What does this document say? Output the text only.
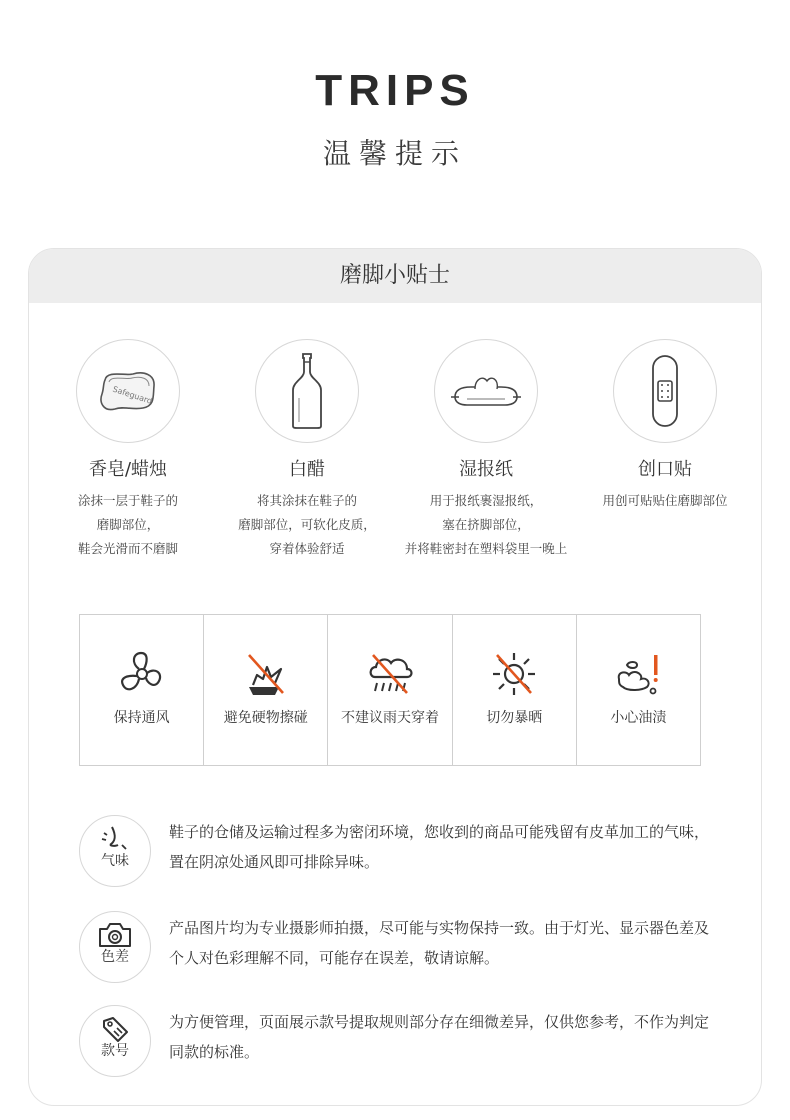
TRIPS
温馨提示
磨脚小贴士
Safeguard
香皂/蜡烛
涂抹一层于鞋子的
磨脚部位，
鞋会光滑而不磨脚
白醋
将其涂抹在鞋子的
磨脚部位，可软化皮质，
穿着体验舒适
湿报纸
用于报纸裹湿报纸，
塞在挤脚部位，
并将鞋密封在塑料袋里一晚上
创口贴
用创可贴贴住磨脚部位
保持通风	避免硬物擦碰 不建议雨天穿着	切勿暴晒	小心油渍
气味
鞋子的仓储及运输过程多为密闭环境，您收到的商品可能残留有皮革加工的气味，置在阴凉处通风即可排除异味。
色差
产品图片均为专业摄影师拍摄，尽可能与实物保持一致。由于灯光、显示器色差及个人对色彩理解不同，可能存在误差，敬请谅解。
款号
为方便管理，页面展示款号提取规则部分存在细微差异，仅供您参考，不作为判定同款的标准。
